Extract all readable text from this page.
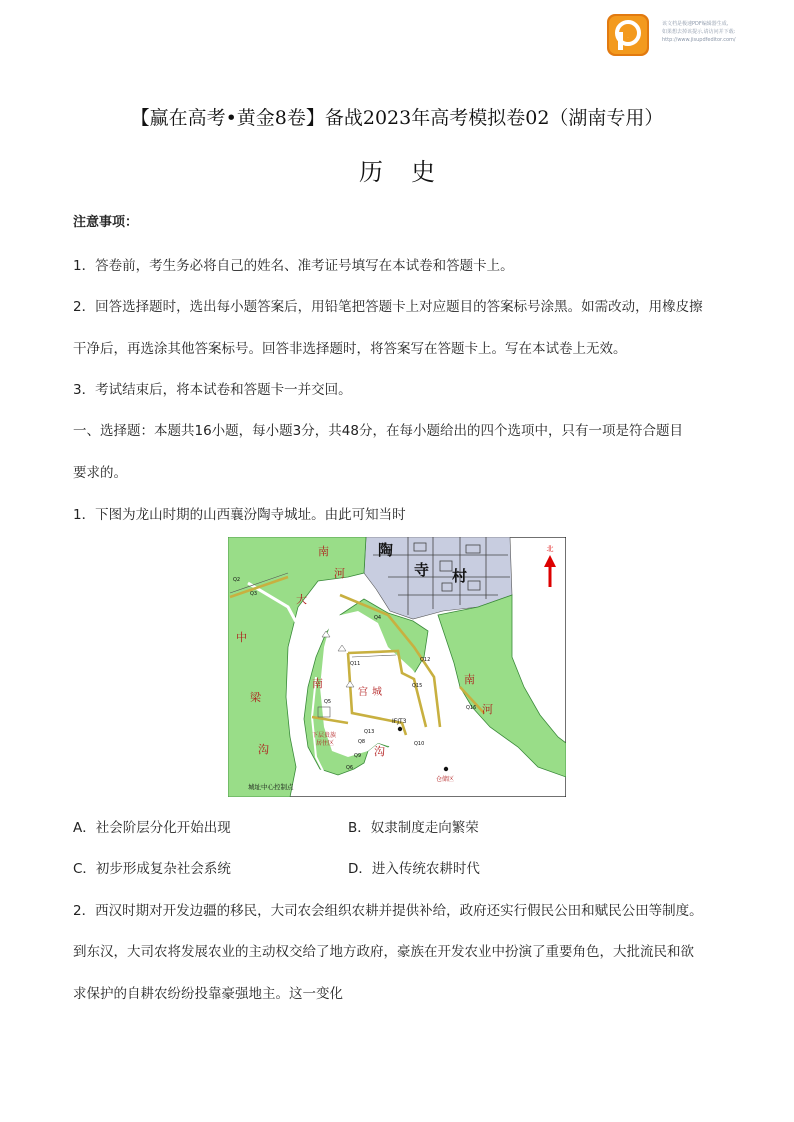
P
该文档是极速PDF编辑器生成,
如果想去掉该提示,请访问并下载:
http://www.jisupdfeditor.com/
【赢在高考•黄金8卷】备战2023年高考模拟卷02（湖南专用）
历史
注意事项：
1．答卷前，考生务必将自己的姓名、准考证号填写在本试卷和答题卡上。
2．回答选择题时，选出每小题答案后，用铅笔把答题卡上对应题目的答案标号涂黑。如需改动，用橡皮擦
干净后，再选涂其他答案标号。回答非选择题时，将答案写在答题卡上。写在本试卷上无效。
3．考试结束后，将本试卷和答题卡一并交回。
一、选择题：本题共16小题，每小题3分，共48分，在每小题给出的四个选项中，只有一项是符合题目
要求的。
1．下图为龙山时期的山西襄汾陶寺城址。由此可知当时
北
陶
寺 村
南
河
南
河
大
南
沟
中
梁
沟
宫城
IFJT3
仓储区
下层贵族
居住区
Q2
Q3
Q4
Q11
Q12
Q15
Q16
Q10
Q13
Q8
Q5
Q9
Q6
城址中心控制点
A．社会阶层分化开始出现	B．奴隶制度走向繁荣
C．初步形成复杂社会系统	D．进入传统农耕时代
2．西汉时期对开发边疆的移民，大司农会组织农耕并提供补给，政府还实行假民公田和赋民公田等制度。
到东汉，大司农将发展农业的主动权交给了地方政府，豪族在开发农业中扮演了重要角色，大批流民和欲
求保护的自耕农纷纷投靠豪强地主。这一变化
